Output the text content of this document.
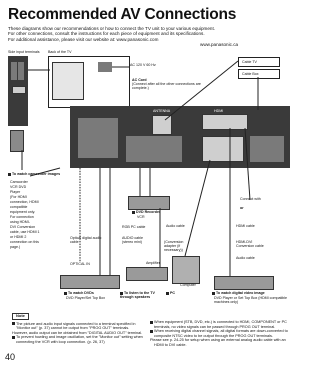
Recommended AV Connections
These diagrams show our recommendations or how to connect the TV unit to your various equipment.
For other connections, consult the instructions for each piece of equipment and its specifications.
For additional assistance, please visit our website at: www.panasonic.com
www.panasonic.ca
Side input terminals Back of the TV
AC 120 V 60 Hz
AC Cord
(Connect after all the other connections are complete.)
Cable TV
Cable Box
ANTENNA	HDMI
To watch camcorder images
Camcorder
VCR DVD
Player
(For HDMI connection, HDMI compatible equipment only.
For connection using HDMI-
DVI Conversion cable, use HDMI 1 or HDMI 2 connection on this page.)
DVD Recorder
VCR
RGB PC cable
AUDIO cable (stereo mini)
Optical digital audio cable
OPTICAL IN
(Conversion adapter (if necessary))
Audio cable
Connect with
or
HDMI cable
HDMI-DVI Conversion cable
Audio cable
Amplifier
Computer
To watch DVDs
DVD Player/Set Top Box
To listen to the TV through speakers
PC	To watch digital video image
DVD Player or Set Top Box (HDMI compatible machines only)
Note
The picture and audio input signals connected to a terminal specified in "Monitor out" (p. 37) cannot be output from "PROG OUT" terminals.
However, audio output can be obtained from "DIGITAL AUDIO OUT" terminal.
To prevent howling and image oscillation, set the "Monitor out" setting when connecting the VCR with loop connection. (p. 26, 37)
When equipment (STB, DVD, etc.) is connected to HDMI, COMPONENT or PC terminals, no video signals can be passed through PROG OUT terminal.
When receiving digital channel signals, all digital formats are down-converted to composite NTSC video to be output through the PROG OUT terminals.
Please see p. 24-25 for setup when using an external analog audio cable with an HDMI to DVI cable.
40
